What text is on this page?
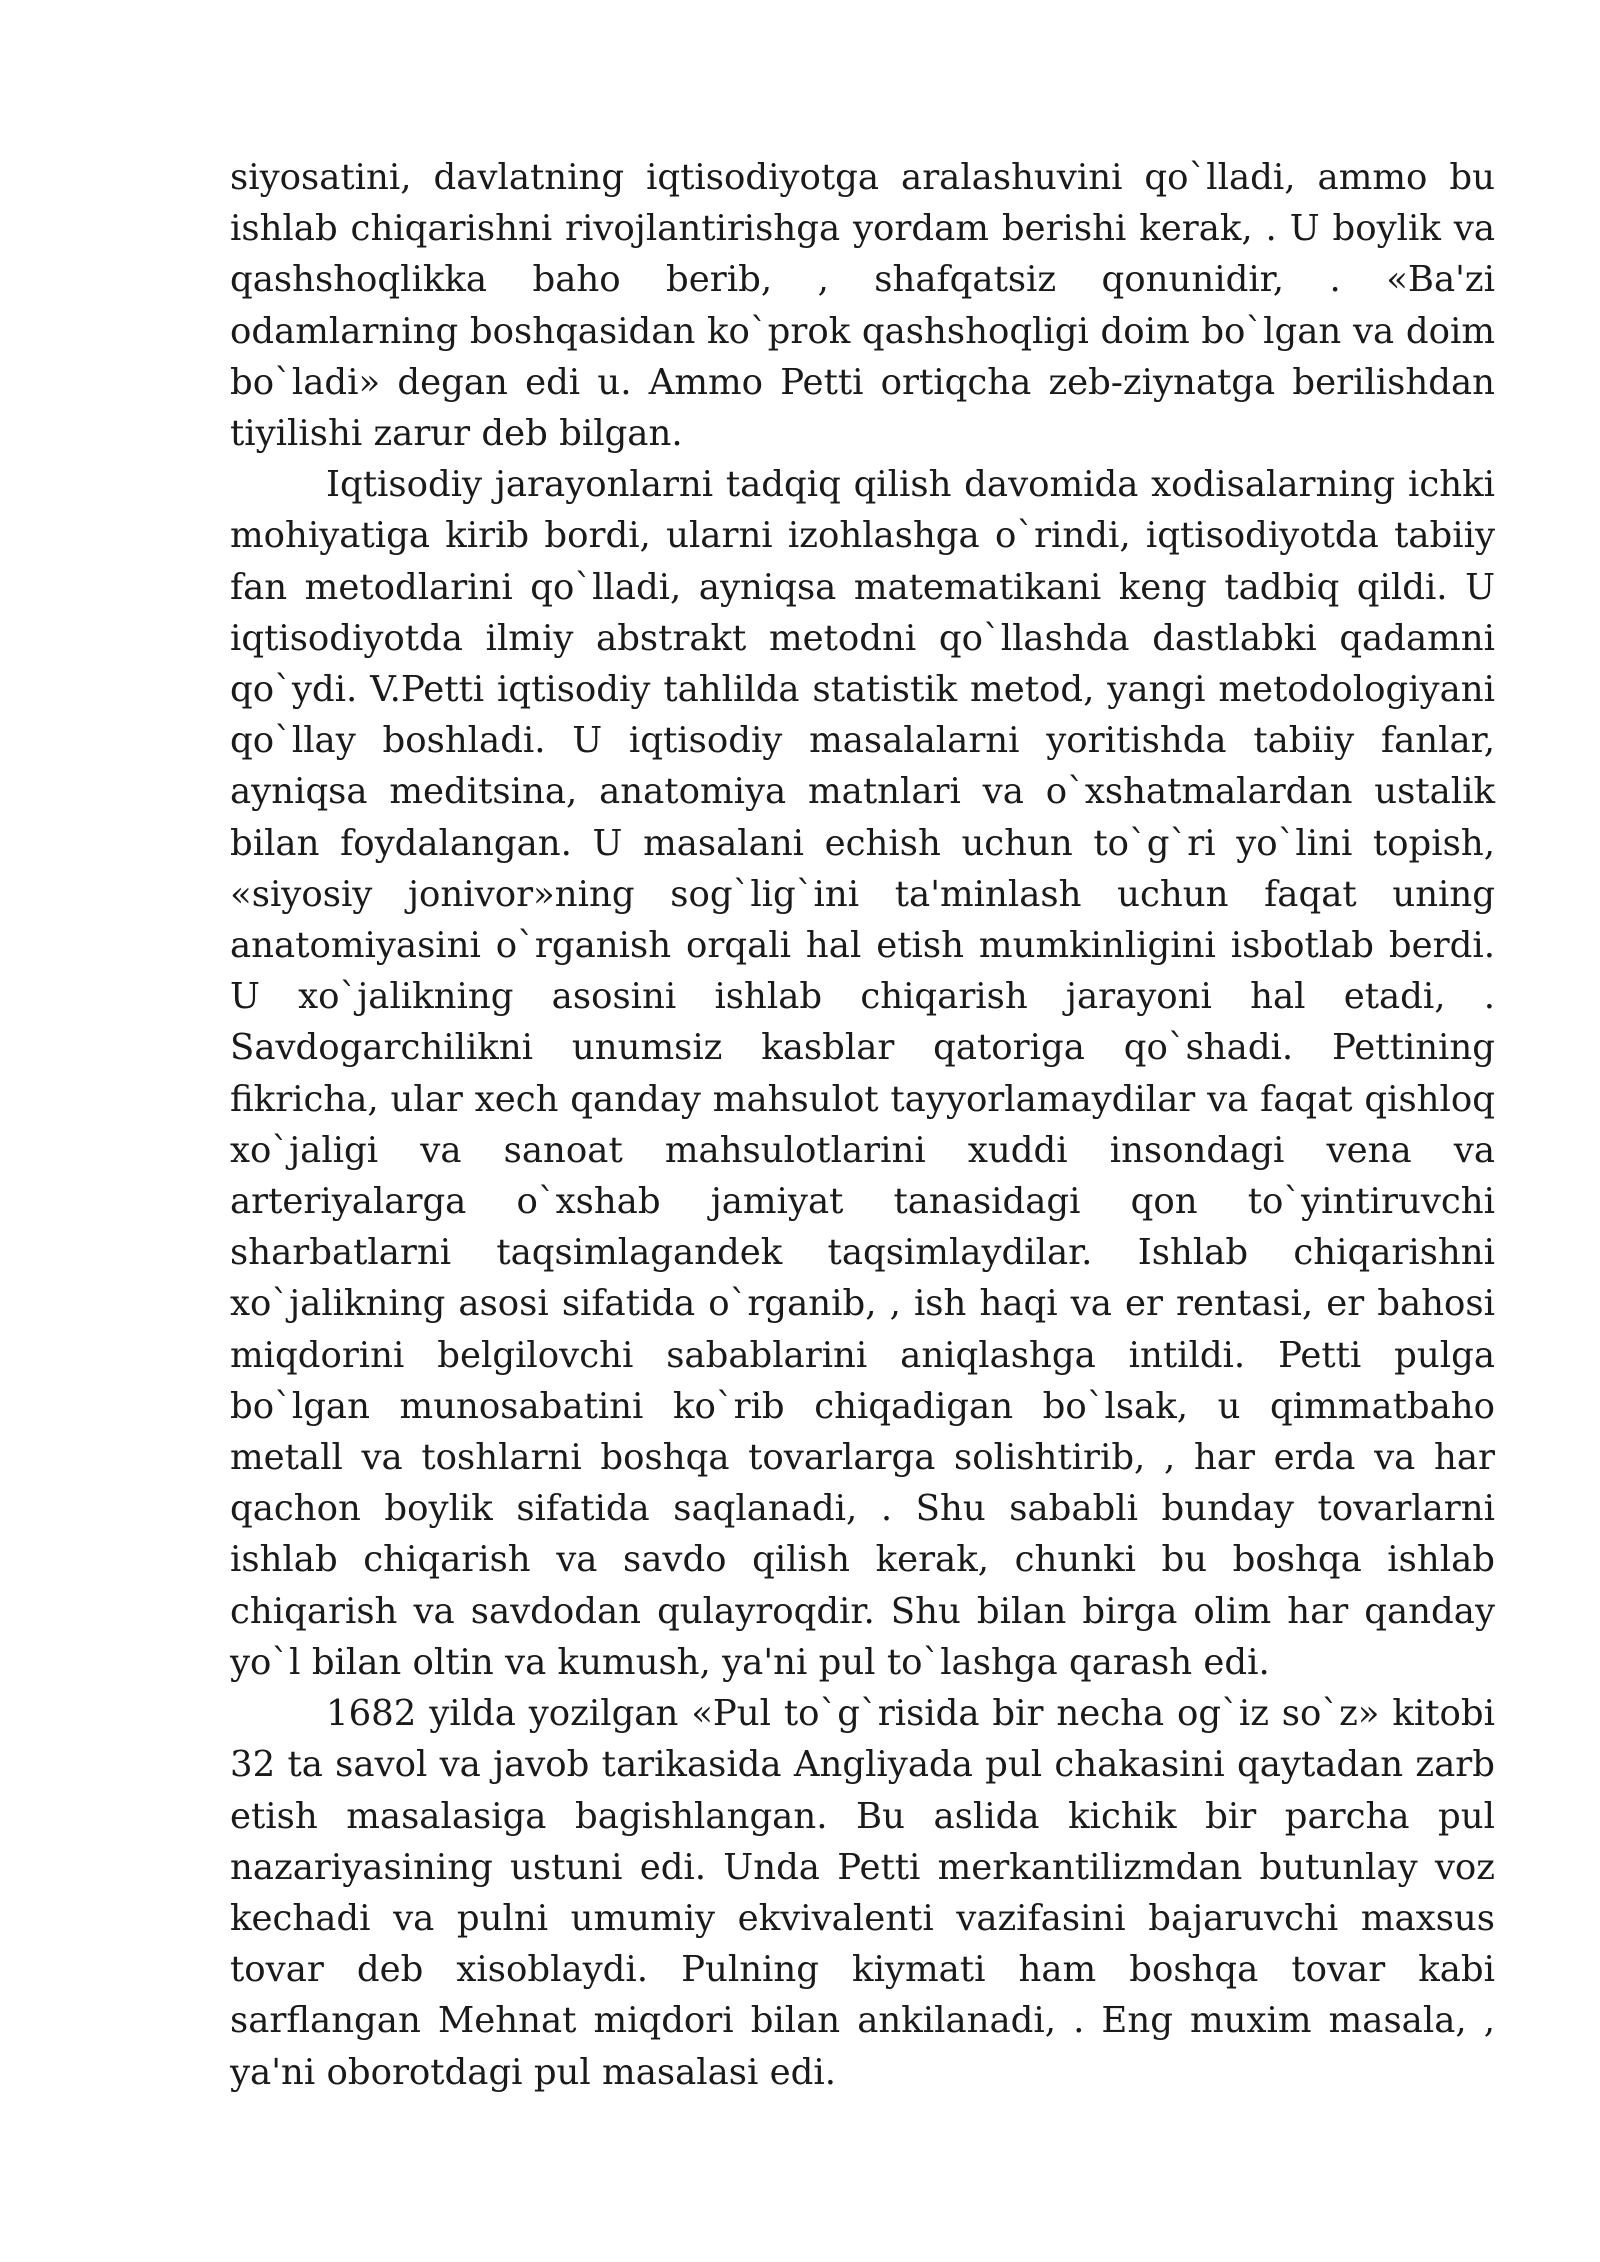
siyosatini, davlatning iqtisodiyotga aralashuvini qo`lladi, ammo bu ishlab chiqarishni rivojlantirishga yordam berishi kerak, . U boylik va qashshoqlikka baho berib, , shafqatsiz qonunidir, . «Ba'zi odamlarning boshqasidan ko`prok qashshoqligi doim bo`lgan va doim bo`ladi» degan edi u. Ammo Petti ortiqcha zeb-ziynatga berilishdan tiyilishi zarur deb bilgan.

Iqtisodiy jarayonlarni tadqiq qilish davomida xodisalarning ichki mohiyatiga kirib bordi, ularni izohlashga o`rindi, iqtisodiyotda tabiiy fan metodlarini qo`lladi, ayniqsa matematikani keng tadbiq qildi. U iqtisodiyotda ilmiy abstrakt metodni qo`llashda dastlabki qadamni qo`ydi. V.Petti iqtisodiy tahlilda statistik metod, yangi metodologiyani qo`llay boshladi. U iqtisodiy masalalarni yoritishda tabiiy fanlar, ayniqsa meditsina, anatomiya matnlari va o`xshatmalardan ustalik bilan foydalangan. U masalani echish uchun to`g`ri yo`lini topish, «siyosiy jonivor»ning sog`lig`ini ta'minlash uchun faqat uning anatomiyasini o`rganish orqali hal etish mumkinligini isbotlab berdi. U xo`jalikning asosini ishlab chiqarish jarayoni hal etadi, . Savdogarchilikni unumsiz kasblar qatoriga qo`shadi. Pettining fikricha, ular xech qanday mahsulot tayyorlamaydilar va faqat qishloq xo`jaligi va sanoat mahsulotlarini xuddi insondagi vena va arteriyalarga o`xshab jamiyat tanasidagi qon to`yintiruvchi sharbatlarni taqsimlagandek taqsimlaydilar. Ishlab chiqarishni xo`jalikning asosi sifatida o`rganib, , ish haqi va er rentasi, er bahosi miqdorini belgilovchi sabablarini aniqlashga intildi. Petti pulga bo`lgan munosabatini ko`rib chiqadigan bo`lsak, u qimmatbaho metall va toshlarni boshqa tovarlarga solishtirib, , har erda va har qachon boylik sifatida saqlanadi, . Shu sababli bunday tovarlarni ishlab chiqarish va savdo qilish kerak, chunki bu boshqa ishlab chiqarish va savdodan qulayroqdir. Shu bilan birga olim har qanday yo`l bilan oltin va kumush, ya'ni pul to`lashga qarash edi.

1682 yilda yozilgan «Pul to`g`risida bir necha og`iz so`z» kitobi 32 ta savol va javob tarikasida Angliyada pul chakasini qaytadan zarb etish masalasiga bagishlangan. Bu aslida kichik bir parcha pul nazariyasining ustuni edi. Unda Petti merkantilizmdan butunlay voz kechadi va pulni umumiy ekvivalenti vazifasini bajaruvchi maxsus tovar deb xisoblaydi. Pulning kiymati ham boshqa tovar kabi sarflangan Mehnat miqdori bilan ankilanadi, . Eng muxim masala, , ya'ni oborotdagi pul masalasi edi.
